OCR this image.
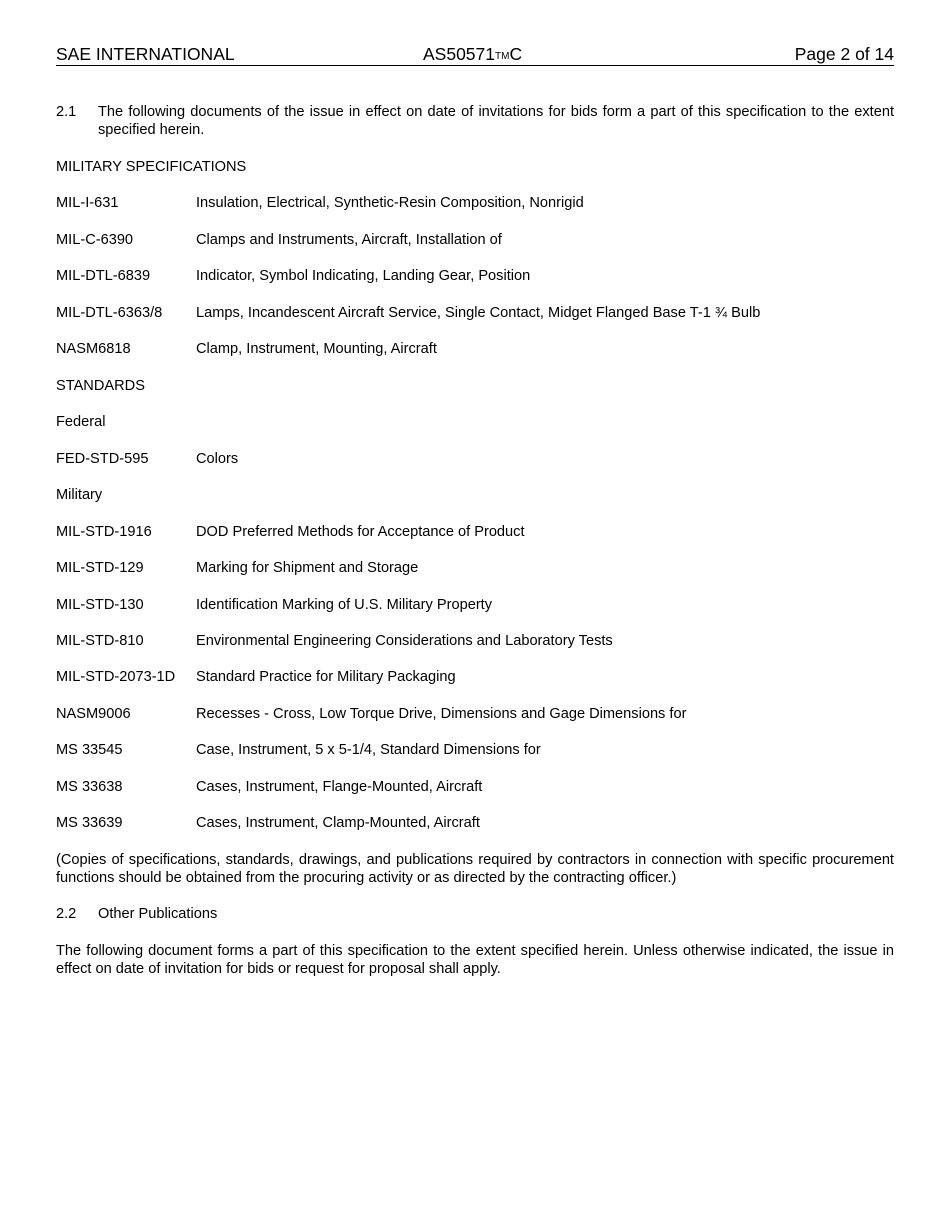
SAE INTERNATIONAL	AS50571TMC	Page 2 of 14
2.1	The following documents of the issue in effect on date of invitations for bids form a part of this specification to the extent specified herein.
MILITARY SPECIFICATIONS
MIL-I-631	Insulation, Electrical, Synthetic-Resin Composition, Nonrigid
MIL-C-6390	Clamps and Instruments, Aircraft, Installation of
MIL-DTL-6839	Indicator, Symbol Indicating, Landing Gear, Position
MIL-DTL-6363/8 Lamps, Incandescent Aircraft Service, Single Contact, Midget Flanged Base T-1 ¾ Bulb
NASM6818	Clamp, Instrument, Mounting, Aircraft
STANDARDS
Federal
FED-STD-595	Colors
Military
MIL-STD-1916	DOD Preferred Methods for Acceptance of Product
MIL-STD-129	Marking for Shipment and Storage
MIL-STD-130	Identification Marking of U.S. Military Property
MIL-STD-810	Environmental Engineering Considerations and Laboratory Tests
MIL-STD-2073-1D Standard Practice for Military Packaging
NASM9006	Recesses - Cross, Low Torque Drive, Dimensions and Gage Dimensions for
MS 33545	Case, Instrument, 5 x 5-1/4, Standard Dimensions for
MS 33638	Cases, Instrument, Flange-Mounted, Aircraft
MS 33639	Cases, Instrument, Clamp-Mounted, Aircraft
(Copies of specifications, standards, drawings, and publications required by contractors in connection with specific procurement functions should be obtained from the procuring activity or as directed by the contracting officer.)
2.2	Other Publications
The following document forms a part of this specification to the extent specified herein. Unless otherwise indicated, the issue in effect on date of invitation for bids or request for proposal shall apply.
